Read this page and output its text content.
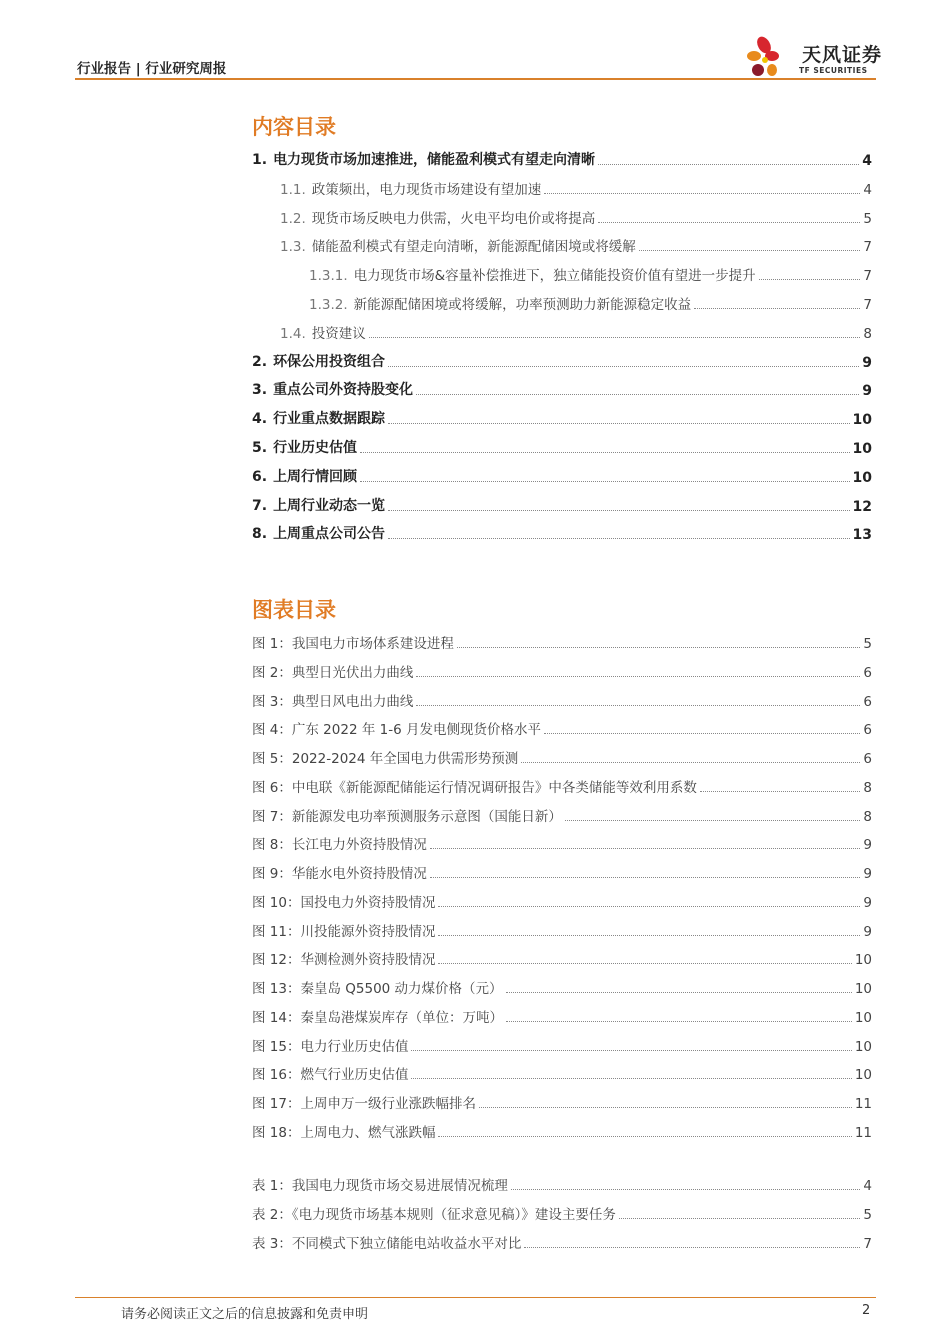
行业报告 | 行业研究周报
天风证券
TF SECURITIES
内容目录
1. 电力现货市场加速推进，储能盈利模式有望走向清晰	4
1.1. 政策频出，电力现货市场建设有望加速	4
1.2. 现货市场反映电力供需，火电平均电价或将提高	5
1.3. 储能盈利模式有望走向清晰，新能源配储困境或将缓解	7
1.3.1. 电力现货市场&容量补偿推进下，独立储能投资价值有望进一步提升	7
1.3.2. 新能源配储困境或将缓解，功率预测助力新能源稳定收益	7
1.4. 投资建议	8
2. 环保公用投资组合	9
3. 重点公司外资持股变化	9
4. 行业重点数据跟踪	10
5. 行业历史估值	10
6. 上周行情回顾	10
7. 上周行业动态一览	12
8. 上周重点公司公告	13
图表目录
图 1：我国电力市场体系建设进程	5
图 2：典型日光伏出力曲线	6
图 3：典型日风电出力曲线	6
图 4：广东 2022 年 1-6 月发电侧现货价格水平	6
图 5：2022-2024 年全国电力供需形势预测	6
图 6：中电联《新能源配储能运行情况调研报告》中各类储能等效利用系数	8
图 7：新能源发电功率预测服务示意图（国能日新）	8
图 8：长江电力外资持股情况	9
图 9：华能水电外资持股情况	9
图 10：国投电力外资持股情况	9
图 11：川投能源外资持股情况	9
图 12：华测检测外资持股情况	10
图 13：秦皇岛 Q5500 动力煤价格（元）	10
图 14：秦皇岛港煤炭库存（单位：万吨）	10
图 15：电力行业历史估值	10
图 16：燃气行业历史估值	10
图 17：上周申万一级行业涨跌幅排名	11
图 18：上周电力、燃气涨跌幅	11
表 1：我国电力现货市场交易进展情况梳理	4
表 2：《电力现货市场基本规则（征求意见稿）》建设主要任务	5
表 3：不同模式下独立储能电站收益水平对比	7
请务必阅读正文之后的信息披露和免责申明	2
